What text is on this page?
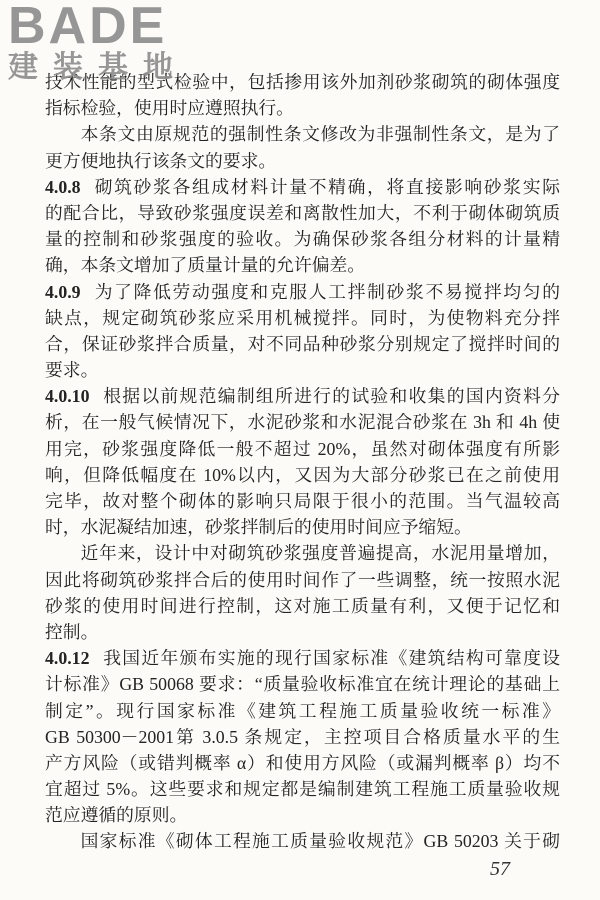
BADE
建装基地
技术性能的型式检验中，包括掺用该外加剂砂浆砌筑的砌体强度
指标检验，使用时应遵照执行。
本条文由原规范的强制性条文修改为非强制性条文，是为了
更方便地执行该条文的要求。
4.0.8 砌筑砂浆各组成材料计量不精确，将直接影响砂浆实际
的配合比，导致砂浆强度误差和离散性加大，不利于砌体砌筑质
量的控制和砂浆强度的验收。为确保砂浆各组分材料的计量精
确，本条文增加了质量计量的允许偏差。
4.0.9 为了降低劳动强度和克服人工拌制砂浆不易搅拌均匀的
缺点，规定砌筑砂浆应采用机械搅拌。同时，为使物料充分拌
合，保证砂浆拌合质量，对不同品种砂浆分别规定了搅拌时间的
要求。
4.0.10 根据以前规范编制组所进行的试验和收集的国内资料分
析，在一般气候情况下，水泥砂浆和水泥混合砂浆在 3h 和 4h 使
用完，砂浆强度降低一般不超过 20%，虽然对砌体强度有所影
响，但降低幅度在 10%以内，又因为大部分砂浆已在之前使用
完毕，故对整个砌体的影响只局限于很小的范围。当气温较高
时，水泥凝结加速，砂浆拌制后的使用时间应予缩短。
近年来，设计中对砌筑砂浆强度普遍提高，水泥用量增加，
因此将砌筑砂浆拌合后的使用时间作了一些调整，统一按照水泥
砂浆的使用时间进行控制，这对施工质量有利，又便于记忆和
控制。
4.0.12 我国近年颁布实施的现行国家标准《建筑结构可靠度设
计标准》GB 50068 要求：“质量验收标准宜在统计理论的基础上
制定”。现行国家标准《建筑工程施工质量验收统一标准》
GB 50300－2001第 3.0.5 条规定，主控项目合格质量水平的生
产方风险（或错判概率 α）和使用方风险（或漏判概率 β）均不
宜超过 5%。这些要求和规定都是编制建筑工程施工质量验收规
范应遵循的原则。
国家标准《砌体工程施工质量验收规范》GB 50203 关于砌
57
